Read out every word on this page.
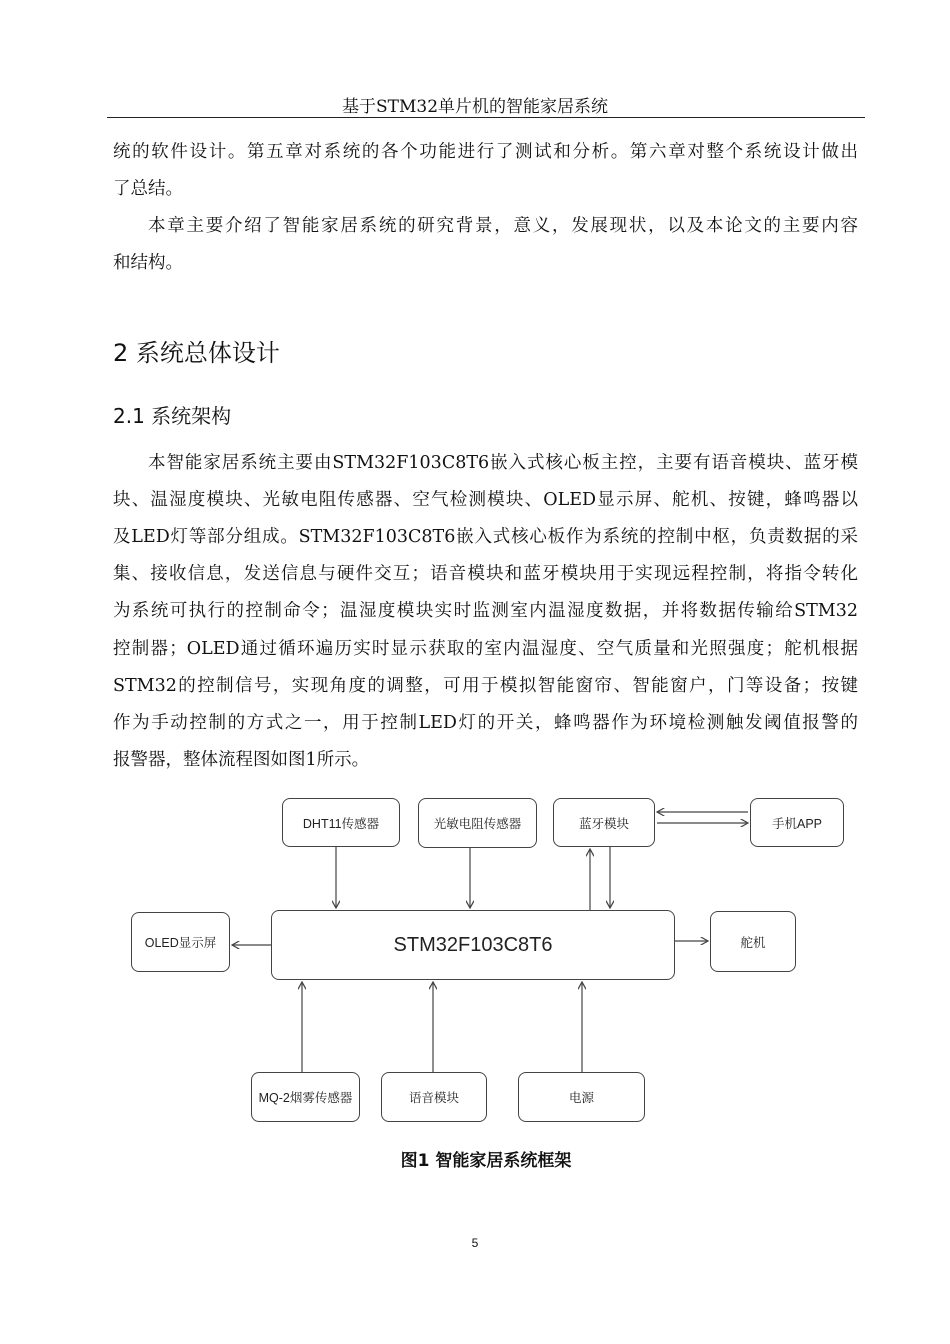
基于STM32单片机的智能家居系统
统的软件设计。第五章对系统的各个功能进行了测试和分析。第六章对整个系统设计做出
了总结。
本章主要介绍了智能家居系统的研究背景，意义，发展现状，以及本论文的主要内容
和结构。
2 系统总体设计
2.1 系统架构
本智能家居系统主要由STM32F103C8T6嵌入式核心板主控，主要有语音模块、蓝牙模
块、温湿度模块、光敏电阻传感器、空气检测模块、OLED显示屏、舵机、按键，蜂鸣器以
及LED灯等部分组成。STM32F103C8T6嵌入式核心板作为系统的控制中枢，负责数据的采
集、接收信息，发送信息与硬件交互；语音模块和蓝牙模块用于实现远程控制，将指令转化
为系统可执行的控制命令；温湿度模块实时监测室内温湿度数据，并将数据传输给STM32
控制器；OLED通过循环遍历实时显示获取的室内温湿度、空气质量和光照强度；舵机根据
STM32的控制信号，实现角度的调整，可用于模拟智能窗帘、智能窗户，门等设备；按键
作为手动控制的方式之一，用于控制LED灯的开关，蜂鸣器作为环境检测触发阈值报警的
报警器，整体流程图如图1所示。
DHT11传感器	光敏电阻传感器	蓝牙模块	手机APP
OLED显示屏	STM32F103C8T6	舵机
MQ-2烟雾传感器	语音模块	电源
图1 智能家居系统框架
5
